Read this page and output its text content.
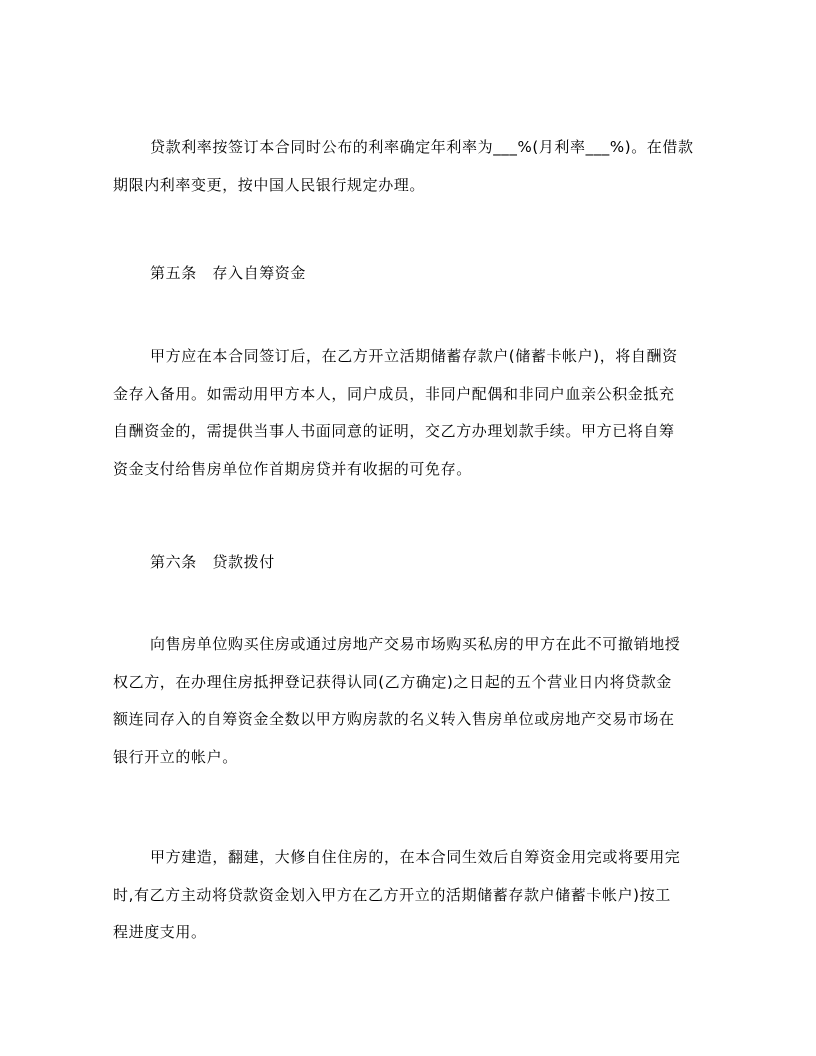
贷款利率按签订本合同时公布的利率确定年利率为___%(月利率___%)。在借款
期限内利率变更，按中国人民银行规定办理。

第五条　存入自筹资金

甲方应在本合同签订后，在乙方开立活期储蓄存款户(储蓄卡帐户)，将自酬资
金存入备用。如需动用甲方本人，同户成员，非同户配偶和非同户血亲公积金抵充
自酬资金的，需提供当事人书面同意的证明，交乙方办理划款手续。甲方已将自筹
资金支付给售房单位作首期房贷并有收据的可免存。

第六条　贷款拨付

向售房单位购买住房或通过房地产交易市场购买私房的甲方在此不可撤销地授
权乙方，在办理住房抵押登记获得认同(乙方确定)之日起的五个营业日内将贷款金
额连同存入的自筹资金全数以甲方购房款的名义转入售房单位或房地产交易市场在
银行开立的帐户。

甲方建造，翻建，大修自住住房的，在本合同生效后自筹资金用完或将要用完
时,有乙方主动将贷款资金划入甲方在乙方开立的活期储蓄存款户储蓄卡帐户)按工
程进度支用。
